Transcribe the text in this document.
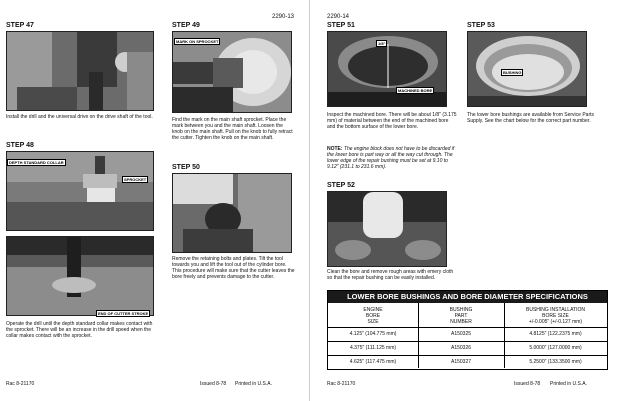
2290-13
STEP 47
Install the drill and the universal drive on the drive shaft of the tool.
STEP 49
MARK ON SPROCKET
Find the mark on the main shaft sprocket. Place the mark between you and the main shaft. Loosen the knob on the main shaft. Pull on the knob to fully retract the cutter. Tighten the knob on the main shaft.
STEP 48
DEPTH STANDARD COLLAR
SPROCKET
END OF CUTTER STROKE
Operate the drill until the depth standard collar makes contact with the sprocket. There will be an increase in the drill speed when the collar makes contact with the sprocket.
STEP 50
Remove the retaining bolts and plates. Tilt the tool towards you and lift the tool out of the cylinder bore. This procedure will make sure that the cutter leaves the bore freely and prevents damage to the cutter.
Rac 8-21170	Issued 8-78 Printed in U.S.A.
2290-14
STEP 51
1/8"
MACHINED BORE
Inspect the machined bore. There will be about 1/8" (3.175 mm) of material between the end of the machined bore and the bottom surface of the lower bore.
NOTE: The engine block does not have to be discarded if the lower bore is part way or all the way cut through. The lower edge of the repair bushing must be set at 9.10 to 9.12" (231.1 to 231.6 mm).
STEP 53
BUSHING
The lower bore bushings are available from Service Parts Supply. See the chart below for the correct part number.
STEP 52
Clean the bore and remove rough areas with emery cloth so that the repair bushing can be easily installed.
LOWER BORE BUSHINGS AND BORE DIAMETER SPECIFICATIONS
ENGINE
BORE
SIZE
BUSHING
PART
NUMBER
BUSHING INSTALLATION
BORE SIZE
+/-0.005" (+/-0.127 mm)
4.125" (104.775 mm)	A150325	4.8125" (122.2375 mm)
4.375" (111.125 mm)	A150326	5.0000" (127.0000 mm)
4.625" (117.475 mm)	A150327	5.2500" (133.3500 mm)
Rac 8-21170	Issued 8-78 Printed in U.S.A.
